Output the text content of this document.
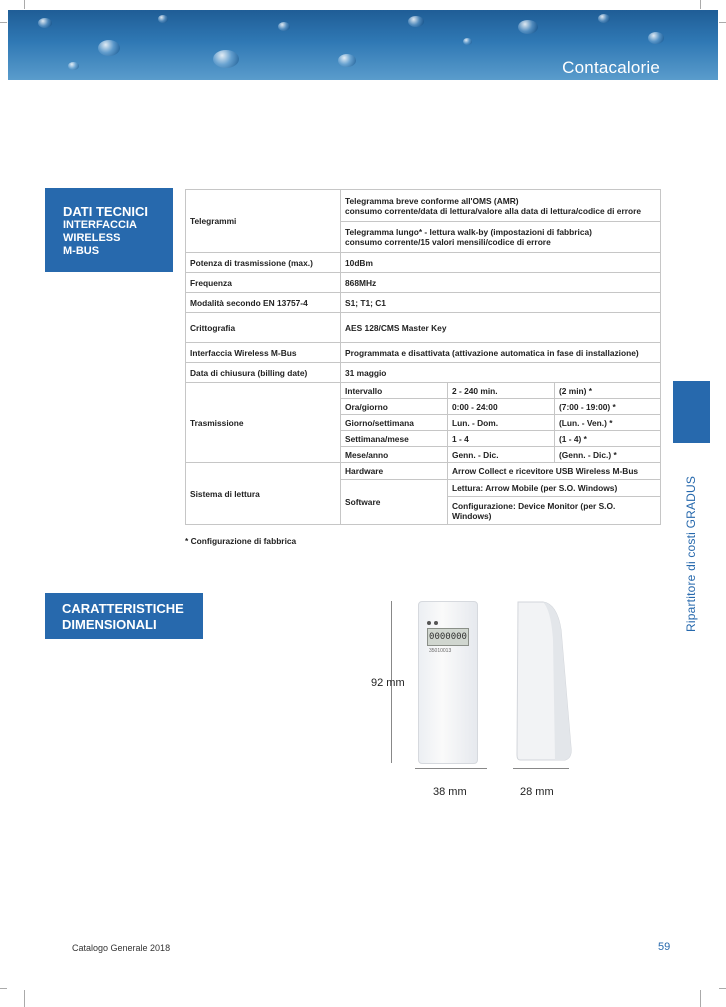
Contacalorie
DATI TECNICI
INTERFACCIA
WIRELESS
M-BUS
Telegrammi	Telegramma breve conforme all'OMS (AMR)
consumo corrente/data di lettura/valore alla data di lettura/codice di errore		

	Telegramma lungo* - lettura walk-by (impostazioni di fabbrica)
consumo corrente/15 valori mensili/codice di errore		

Potenza di trasmissione (max.)	10dBm		
Frequenza	868MHz		
Modalità secondo EN 13757-4	S1; T1; C1		
Crittografia	AES 128/CMS Master Key		
Interfaccia Wireless M-Bus	Programmata e disattivata (attivazione automatica in fase di installazione)		
Data di chiusura (billing date)	31 maggio		
Trasmissione	Intervallo	2 - 240 min.	(2 min) *
	Ora/giorno	0:00 - 24:00	(7:00 - 19:00) *
	Giorno/settimana	Lun. - Dom.	(Lun. - Ven.) *
	Settimana/mese	1 - 4	(1 - 4) *
	Mese/anno	Genn. - Dic.	(Genn. - Dic.) *
Sistema di lettura	Hardware	Arrow Collect e ricevitore USB Wireless M-Bus	
	Software	Lettura: Arrow Mobile (per S.O. Windows)	
		Configurazione: Device Monitor (per S.O. Windows)	
* Configurazione di fabbrica
CARATTERISTICHE
DIMENSIONALI
92 mm
0000000
35010013
38 mm	28 mm
Ripartitore di costi GRADUS
Catalogo Generale 2018	59
